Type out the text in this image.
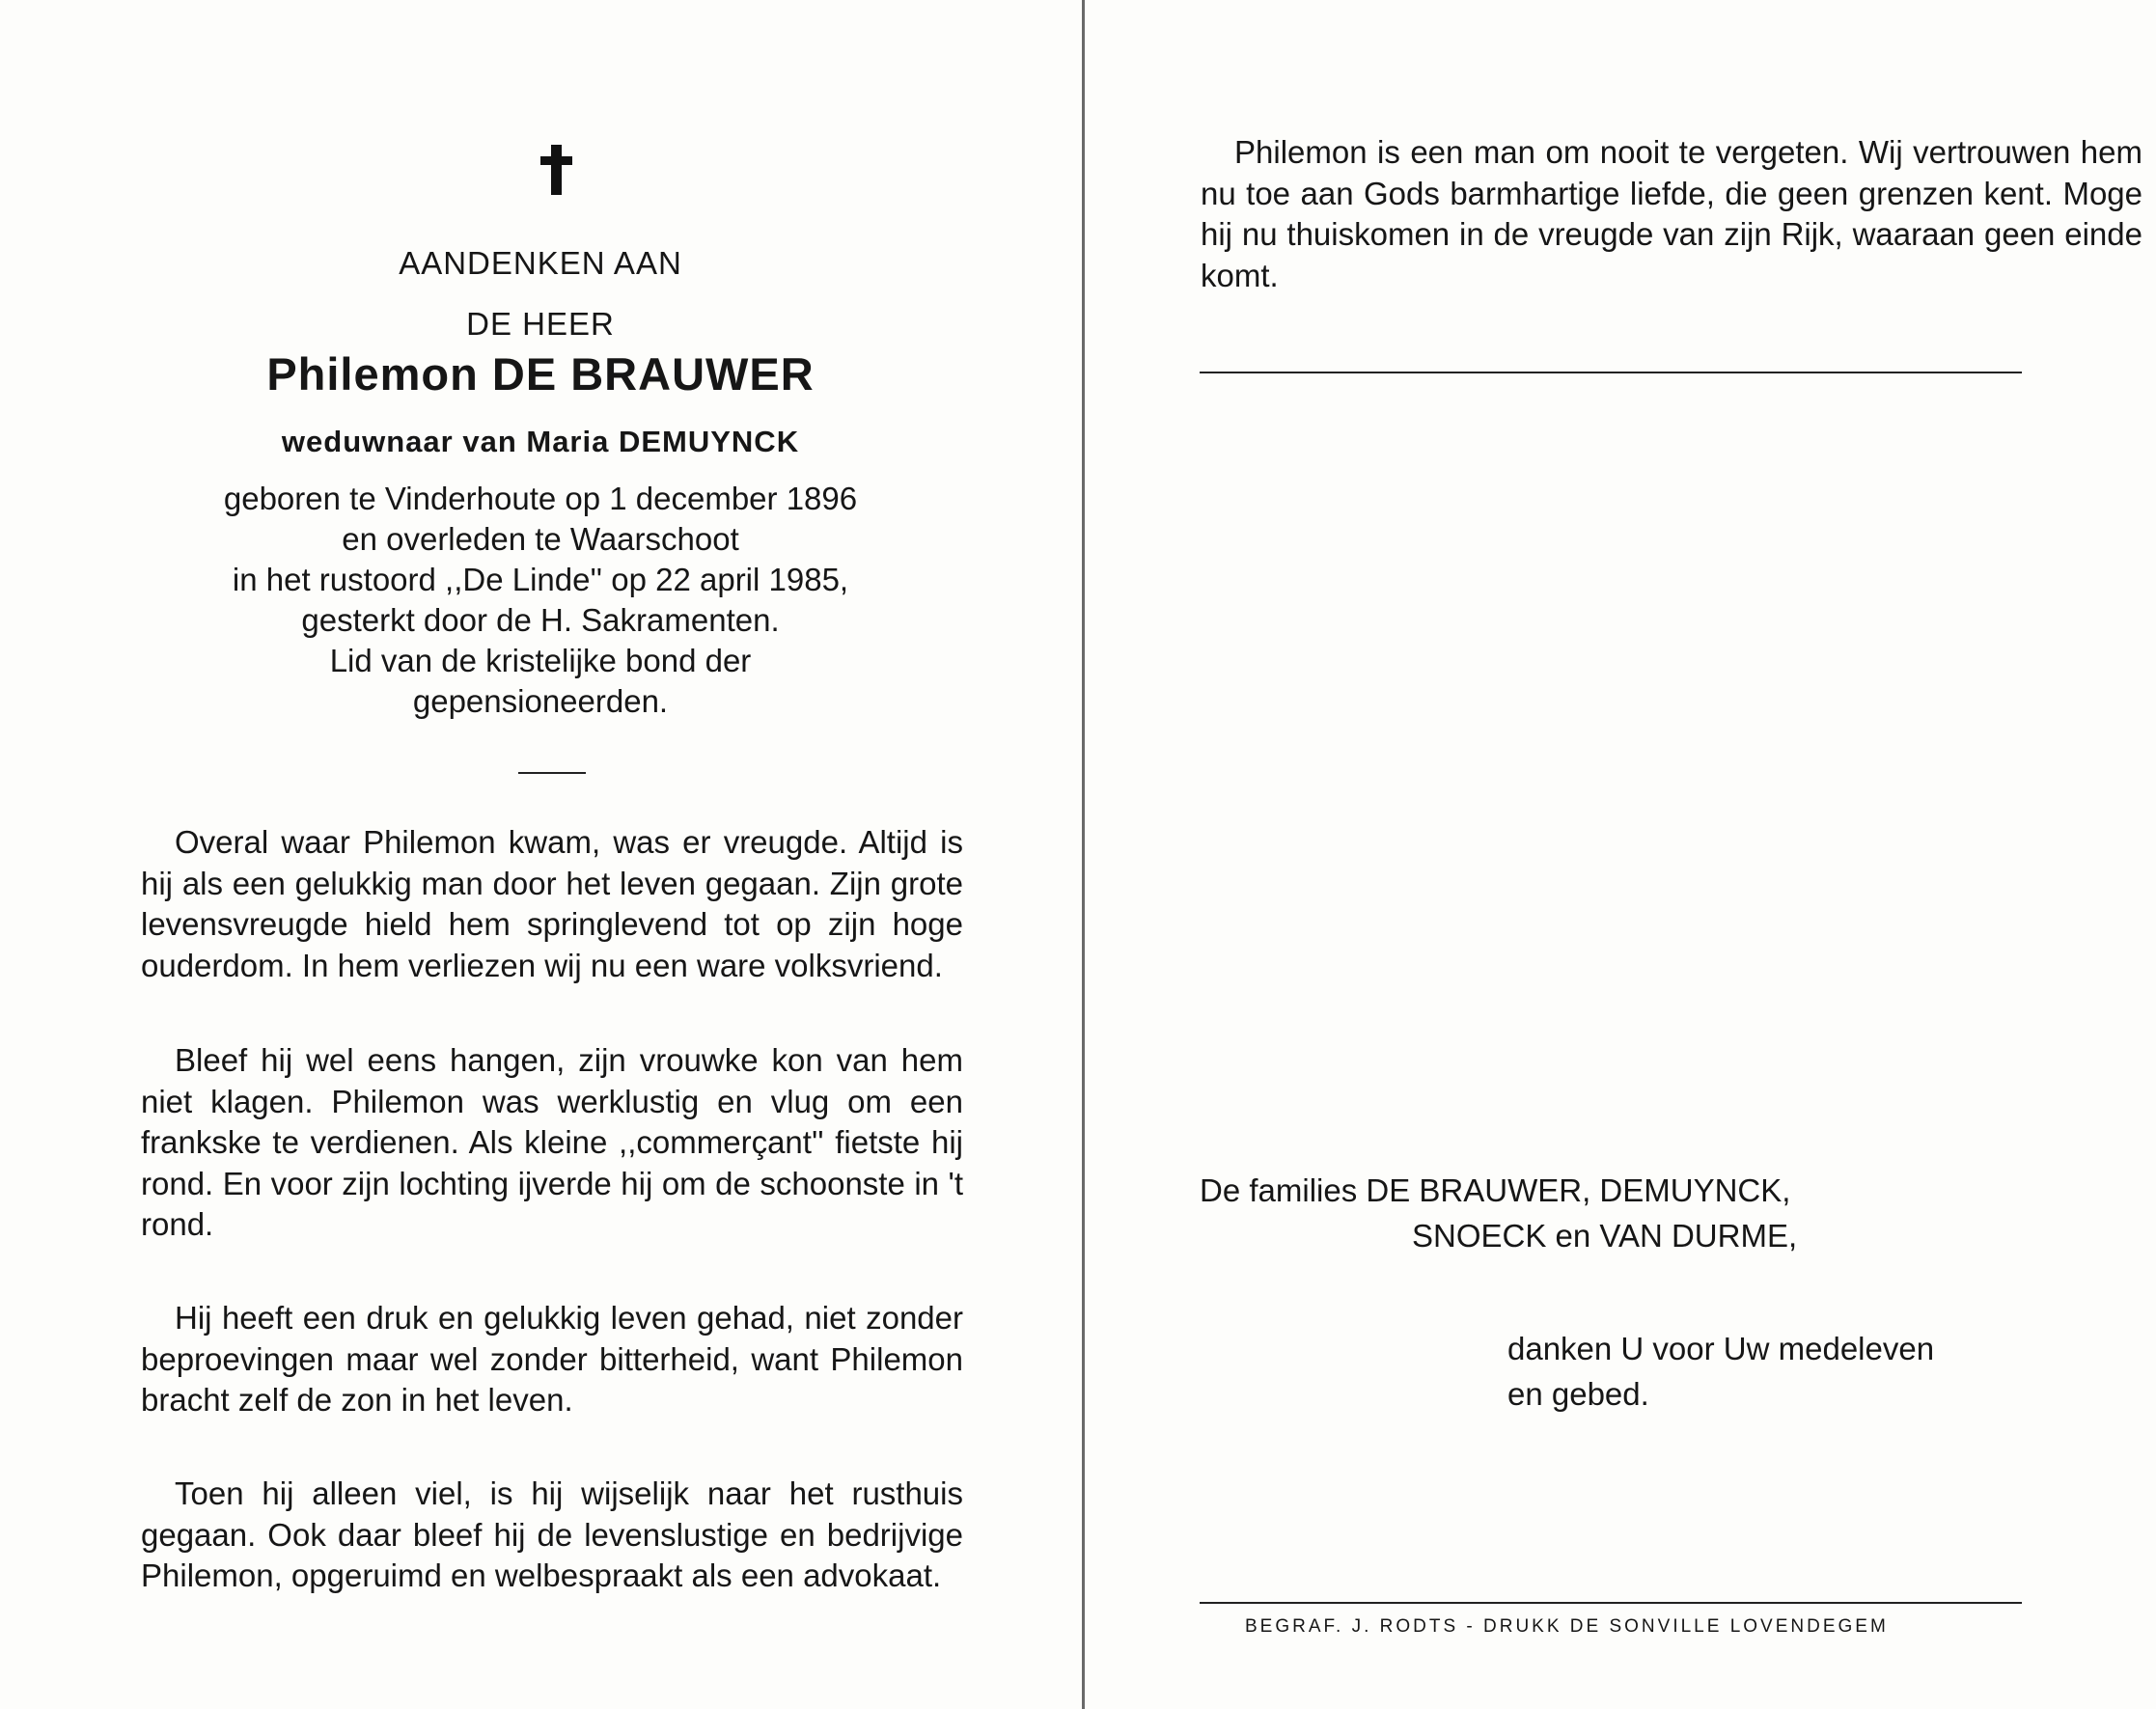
AANDENKEN AAN
DE HEER
Philemon DE BRAUWER
weduwnaar van Maria DEMUYNCK
geboren te Vinderhoute op 1 december 1896
en overleden te Waarschoot
in het rustoord ,,De Linde'' op 22 april 1985,
gesterkt door de H. Sakramenten.
Lid van de kristelijke bond der
gepensioneerden.

Overal waar Philemon kwam, was er vreugde. Altijd is hij als een gelukkig man door het leven gegaan. Zijn grote levensvreugde hield hem springlevend tot op zijn hoge ouderdom. In hem verliezen wij nu een ware volksvriend.

Bleef hij wel eens hangen, zijn vrouwke kon van hem niet klagen. Philemon was werklustig en vlug om een frankske te verdienen. Als kleine ,,commerçant'' fietste hij rond. En voor zijn lochting ijverde hij om de schoonste in 't rond.

Hij heeft een druk en gelukkig leven gehad, niet zonder beproevingen maar wel zonder bitterheid, want Philemon bracht zelf de zon in het leven.

Toen hij alleen viel, is hij wijselijk naar het rusthuis gegaan. Ook daar bleef hij de levenslustige en bedrijvige Philemon, opgeruimd en welbespraakt als een advokaat.

Philemon is een man om nooit te vergeten. Wij vertrouwen hem nu toe aan Gods barmhartige liefde, die geen grenzen kent. Moge hij nu thuiskomen in de vreugde van zijn Rijk, waaraan geen einde komt.

De families DE BRAUWER, DEMUYNCK,
SNOECK en VAN DURME,
danken U voor Uw medeleven
en gebed.
BEGRAF. J. RODTS - DRUKK DE SONVILLE LOVENDEGEM
